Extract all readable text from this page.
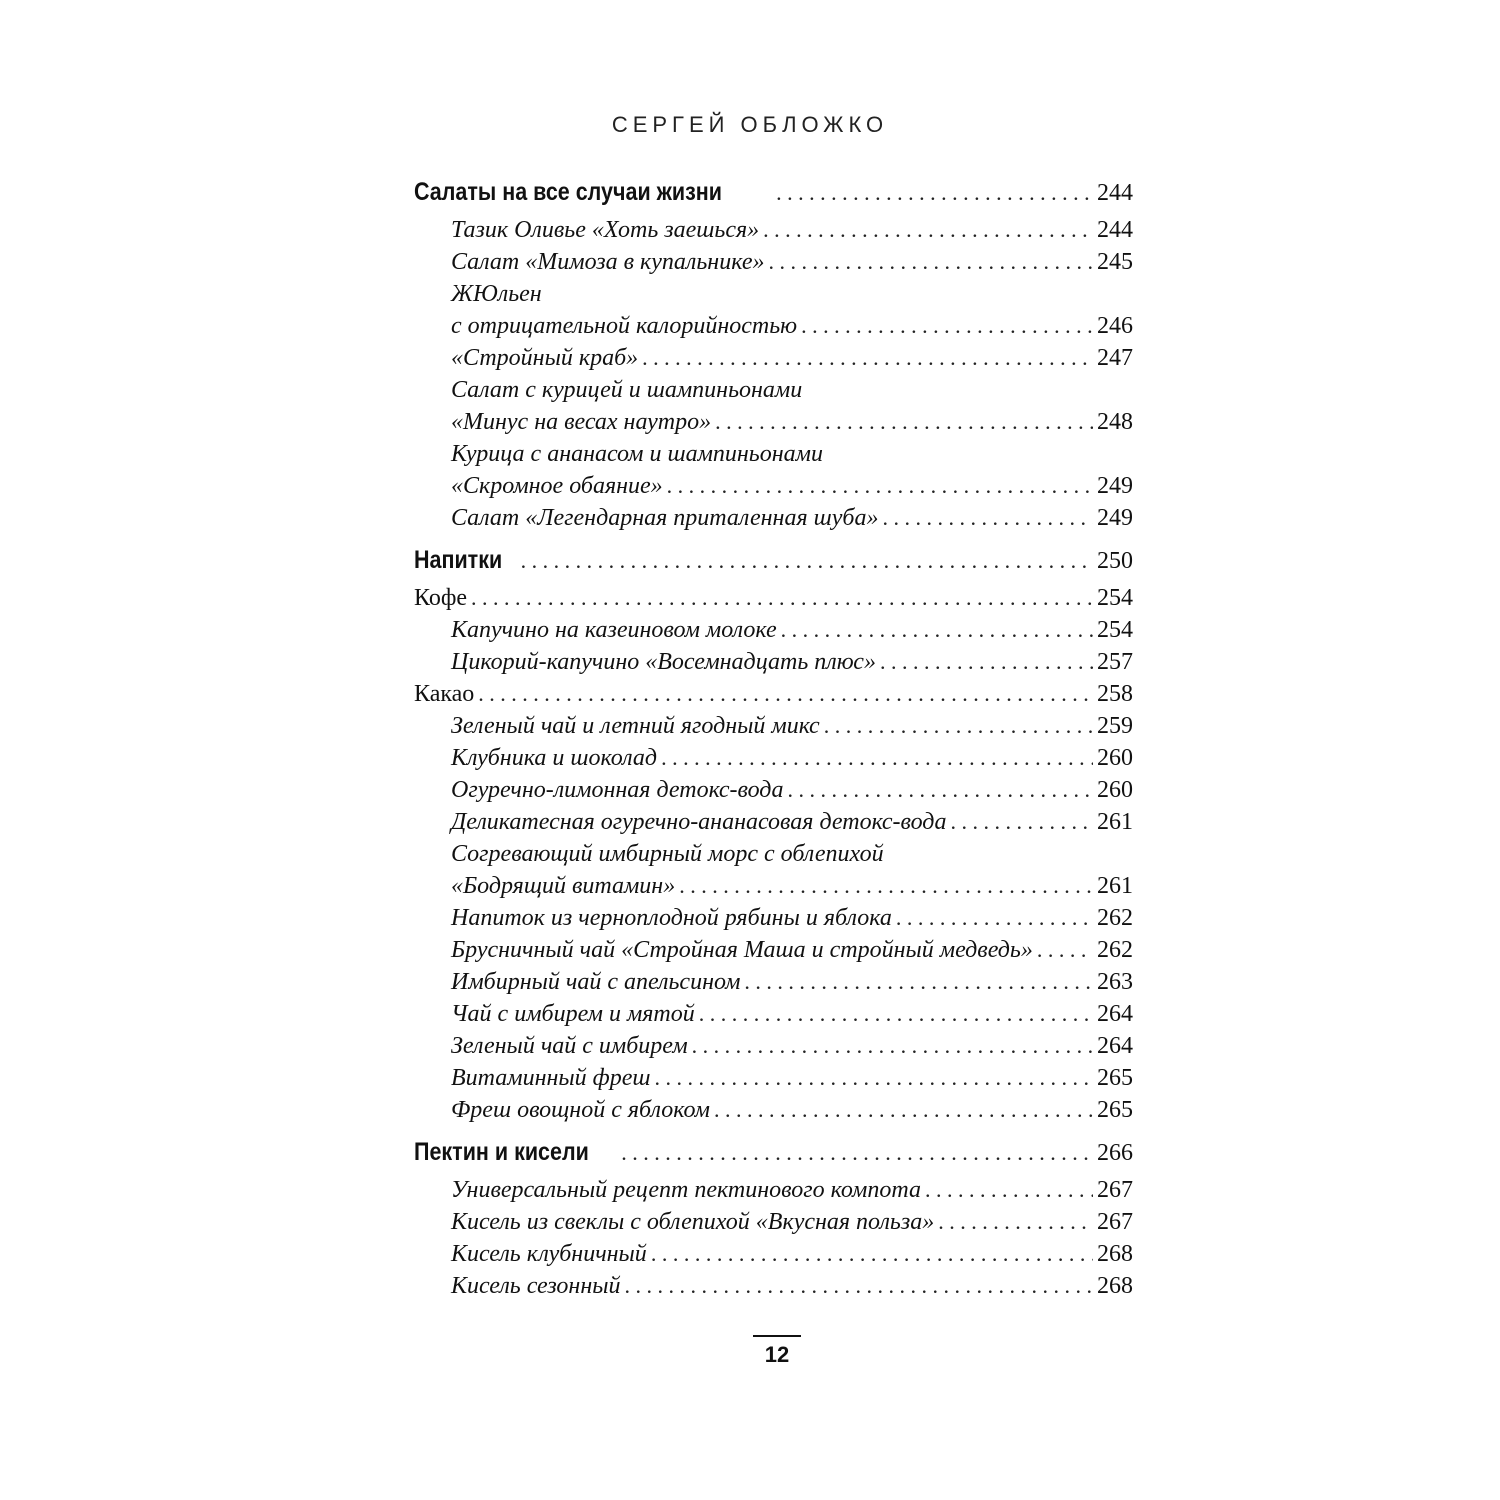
СЕРГЕЙ ОБЛОЖКО
Салаты на все случаи жизни . . .	244
Тазик Оливье «Хоть заешься» . . .	244
Салат «Мимоза в купальнике» . . .	245
ЖЮльен
с отрицательной калорийностью . . .	246
«Стройный краб» . . .	247
Салат с курицей и шампиньонами
«Минус на весах наутро» . . .	248
Курица с ананасом и шампиньонами
«Скромное обаяние» . . .	249
Салат «Легендарная приталенная шуба» . . .	249
Напитки . . .	250
Кофе . . .	254
Капучино на казеиновом молоке . . .	254
Цикорий-капучино «Восемнадцать плюс» . . .	257
Какао . . .	258
Зеленый чай и летний ягодный микс . . .	259
Клубника и шоколад . . .	260
Огуречно-лимонная детокс-вода . . .	260
Деликатесная огуречно-ананасовая детокс-вода . . .	261
Согревающий имбирный морс с облепихой
«Бодрящий витамин» . . .	261
Напиток из черноплодной рябины и яблока . . .	262
Брусничный чай «Стройная Маша и стройный медведь» . . .	262
Имбирный чай с апельсином . . .	263
Чай с имбирем и мятой . . .	264
Зеленый чай с имбирем . . .	264
Витаминный фреш . . .	265
Фреш овощной с яблоком . . .	265
Пектин и кисели . . .	266
Универсальный рецепт пектинового компота . . .	267
Кисель из свеклы с облепихой «Вкусная польза» . . .	267
Кисель клубничный . . .	268
Кисель сезонный . . .	268
12
